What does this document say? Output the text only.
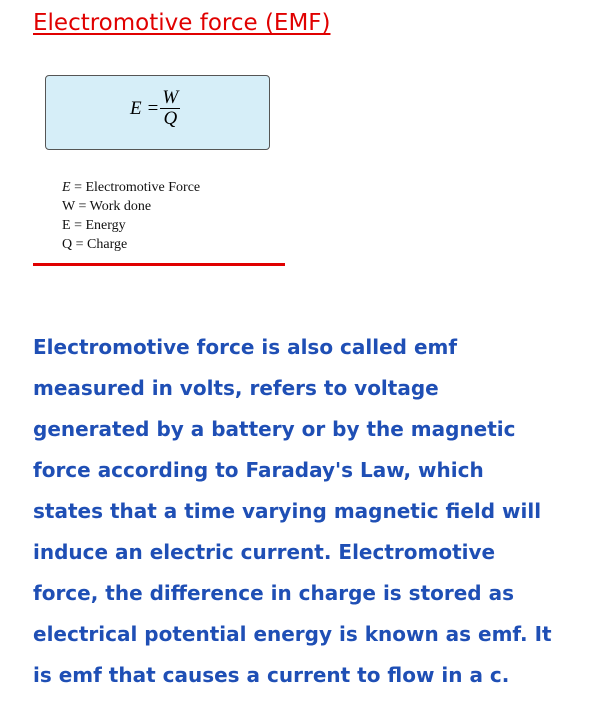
Electromotive force (EMF)
$E = \frac{W}{Q}$
E = Electromotive Force
W = Work done
E = Energy
Q = Charge

Electromotive force is also called emf
measured in volts, refers to voltage
generated by a battery or by the magnetic
force according to Faraday's Law, which
states that a time varying magnetic field will
induce an electric current. Electromotive
force, the difference in charge is stored as
electrical potential energy is known as emf. It
is emf that causes a current to flow in a c.
